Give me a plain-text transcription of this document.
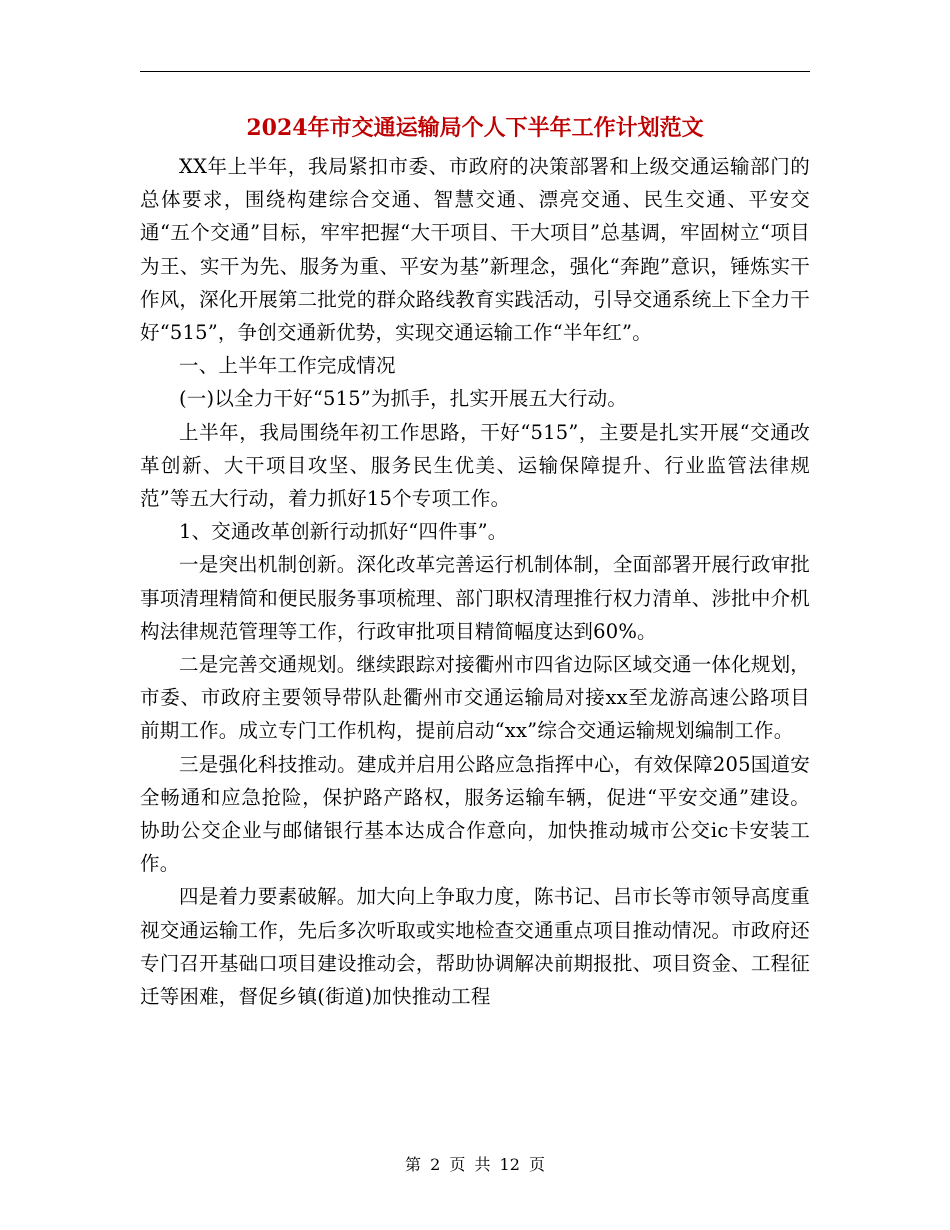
2024年市交通运输局个人下半年工作计划范文

XX年上半年，我局紧扣市委、市政府的决策部署和上级交通运输部门的总体要求，围绕构建综合交通、智慧交通、漂亮交通、民生交通、平安交通“五个交通”目标，牢牢把握“大干项目、干大项目”总基调，牢固树立“项目为王、实干为先、服务为重、平安为基”新理念，强化“奔跑”意识，锤炼实干作风，深化开展第二批党的群众路线教育实践活动，引导交通系统上下全力干好“515”，争创交通新优势，实现交通运输工作“半年红”。

一、上半年工作完成情况

(一)以全力干好“515”为抓手，扎实开展五大行动。

上半年，我局围绕年初工作思路，干好“515”，主要是扎实开展“交通改革创新、大干项目攻坚、服务民生优美、运输保障提升、行业监管法律规范”等五大行动，着力抓好15个专项工作。

1、交通改革创新行动抓好“四件事”。

一是突出机制创新。深化改革完善运行机制体制，全面部署开展行政审批事项清理精简和便民服务事项梳理、部门职权清理推行权力清单、涉批中介机构法律规范管理等工作，行政审批项目精简幅度达到60%。

二是完善交通规划。继续跟踪对接衢州市四省边际区域交通一体化规划，市委、市政府主要领导带队赴衢州市交通运输局对接xx至龙游高速公路项目前期工作。成立专门工作机构，提前启动“xx”综合交通运输规划编制工作。

三是强化科技推动。建成并启用公路应急指挥中心，有效保障205国道安全畅通和应急抢险，保护路产路权，服务运输车辆，促进“平安交通”建设。协助公交企业与邮储银行基本达成合作意向，加快推动城市公交ic卡安装工作。

四是着力要素破解。加大向上争取力度，陈书记、吕市长等市领导高度重视交通运输工作，先后多次听取或实地检查交通重点项目推动情况。市政府还专门召开基础口项目建设推动会，帮助协调解决前期报批、项目资金、工程征迁等困难，督促乡镇(街道)加快推动工程

第 2 页 共 12 页
